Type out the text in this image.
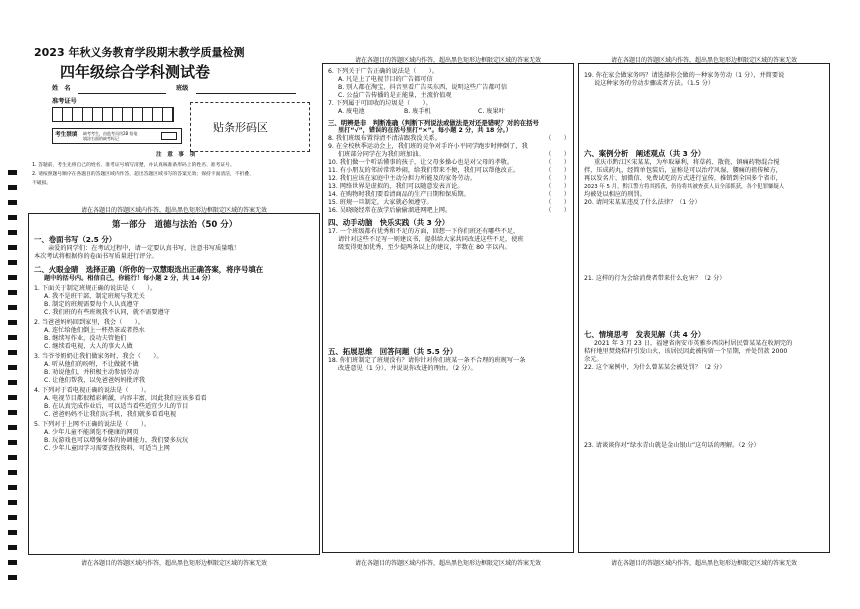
2023 年秋义务教育学段期末教学质量检测
四年级综合学科测试卷
姓　名	班级
准考证号
贴条形码区
考生禁填 缺考考生，由监考员用2B 铅笔
填涂右面的缺考标记
注　意　事　项
1. 答题前，考生先将自己的姓名、准考证号填写清楚，并认真核准条形码上的姓名、准考证号。
2. 请按照题号顺序在各题目的答题区域内作答，超出答题区域书写的答案无效；保持卡面清洁，不折叠、
不破损。
请在各题目的答题区域内作答，超出黑色矩形边框限定区域的答案无效
第一部分　道德与法治（50 分）
一、卷面书写（2.5 分）
亲爱的同学们：在考试过程中，请一定要认真书写，注意书写质量哦！
本次考试将根据你的卷面书写质量进行评分。
二、火眼金睛　选择正确（所你的一双慧眼选出正确答案，将序号填在
题中的括号内。相信自己，你能行！每小题 2 分，共 14 分）
1. 下面关于制定班规正确的说法是（　　）。
A. 我不是班干部，制定班规与我无关
B. 制定的班规需要每个人认真遵守
C. 我们班的有些班规我不认同，就不需要遵守
2. 当爸爸妈妈回到家里，我会（　　）。
A. 连忙给他们倒上一杯热茶或者热水
B. 继续写作业，没功夫管他们
C. 继续看电视，大人的事大人做
3. 当爷爷奶奶让我们做家务时，我会（　　）。
A. 听从他们的吩咐，不让做就不做
B. 劝说他们，并积极主动参加劳动
C. 让他们帮我，以免爸爸妈妈批评我
4. 下列对于看电视正确的说法是（　　）。
A. 电视节目都很精彩刺激，内容丰富，因此我们应该多看看
B. 在认真完成作业后，可以适当看些适宜少儿的节目
C. 爸爸妈妈不让我们玩手机，我们就多看看电视
5. 下列对于上网不正确的说法是（　　）。
A. 少年儿童不能浏览不健康的网页
B. 玩游戏也可以增强身体的协调能力，我们要多玩玩
C. 少年儿童因学习需要查找资料，可适当上网
请在各题目的答题区域内作答，超出黑色矩形边框限定区域的答案无效
请在各题目的答题区域内作答，超出黑色矩形边框限定区域的答案无效
6. 下列关于广告正确的说法是（　　）。
A. 凡是上了电视节目的广告都可信
B. 别人都在淘宝、抖音里看广告买东西，说明这些广告都可信
C. 公益广告传播的是正能量，主流价值观
7. 下列属于可回收的垃圾是（　　）。
A. 废电池	B. 废手机	C. 废果叶
三、明辨是非　判断准确（判断下列说法或做法是对还是错呢？对的在括号
里打“√”，错误的在括号里打“×”。每小题 2 分，共 18 分。）
8. 我们班级布置得清不清洁跟我没关系。	（　　）
9. 在全校秋季运动会上，我们班的竞争对手许小平同学跑步时摔倒了，我
们班部分同学在为我们班加油。	（　　）
10. 我们做一个听话懂事的孩子，让父母多操心也是对父母的孝敬。	（　　）
11. 有小朋友的邻居常常吵闹，给我们带来不便，我们可以帮他改正。	（　　）
12. 我们应该在家庭中主动分担力所能及的家务劳动。	（　　）
13. 网络世界是虚拟的，我们可以随意发表言论。	（　　）
14. 在购物时我们要看清商品的生产日期和保质期。	（　　）
15. 班规一旦制定，大家就必须遵守。	（　　）
16. 吴晓晓经常在放学后偷偷溜进网吧上网。	（　　）
四、动手动脑　快乐实践（共 3 分）
17. 一个班级都有优秀和不足的方面，回想一下你们班还有哪些不足，
请针对这些不足写一则建议书，提供给大家共同改进这些不足，使班
级变得更加优秀，至少提两条以上的建议，字数在 80 字以内。
五、拓展思维　回答问题（共 5.5 分）
18. 你们班制定了班规没有？请你针对你们班某一条不合理的班规写一条
改进意见（1 分），并说说你改进的理由。（2 分）。
请在各题目的答题区域内作答，超出黑色矩形边框限定区域的答案无效
请在各题目的答题区域内作答，超出黑色矩形边框限定区域的答案无效
19. 你在家会做家务吗？请选择你会做的一种家务劳动（1 分），并简要说
说这种家务的劳动步骤或者方法。（1.5 分）
六、案例分析　阐述观点（共 3 分）
重庆市黔江区宋某某，为牟取暴利，将草药、散瓷、镇痛药物混合搅
拌，压成药丸，经简单包装后，宣称是可以治疗风湿、腰痛的祖传秘方，
再以发名片、加微信、免费试吃的方式进行宣传，推销到全国多个省市，
2023 年 5 月，黔江警方将其抓获，仍待将其被查获人员全部抓获，各个犯罪嫌疑人
均被处以相应的刑罚。
20. 请问宋某某违反了什么法律？（1 分）
21. 这样的行为会给消费者带来什么危害？（2 分）
七、情境思考　发表见解（共 4 分）
2021 年 3 月 23 日，福建省南安市英雅乡西岗村居民曾某某在收割完的
秸秆地里焚烧秸秆引发山火，该居民因此被拘留一个星期，并处罚款 2000
余元。
22. 这个案例中，为什么曾某某会被处罚？（2 分）
23. 请谈谈你对“绿水青山就是金山银山”这句话的理解。（2 分）
请在各题目的答题区域内作答，超出黑色矩形边框限定区域的答案无效
